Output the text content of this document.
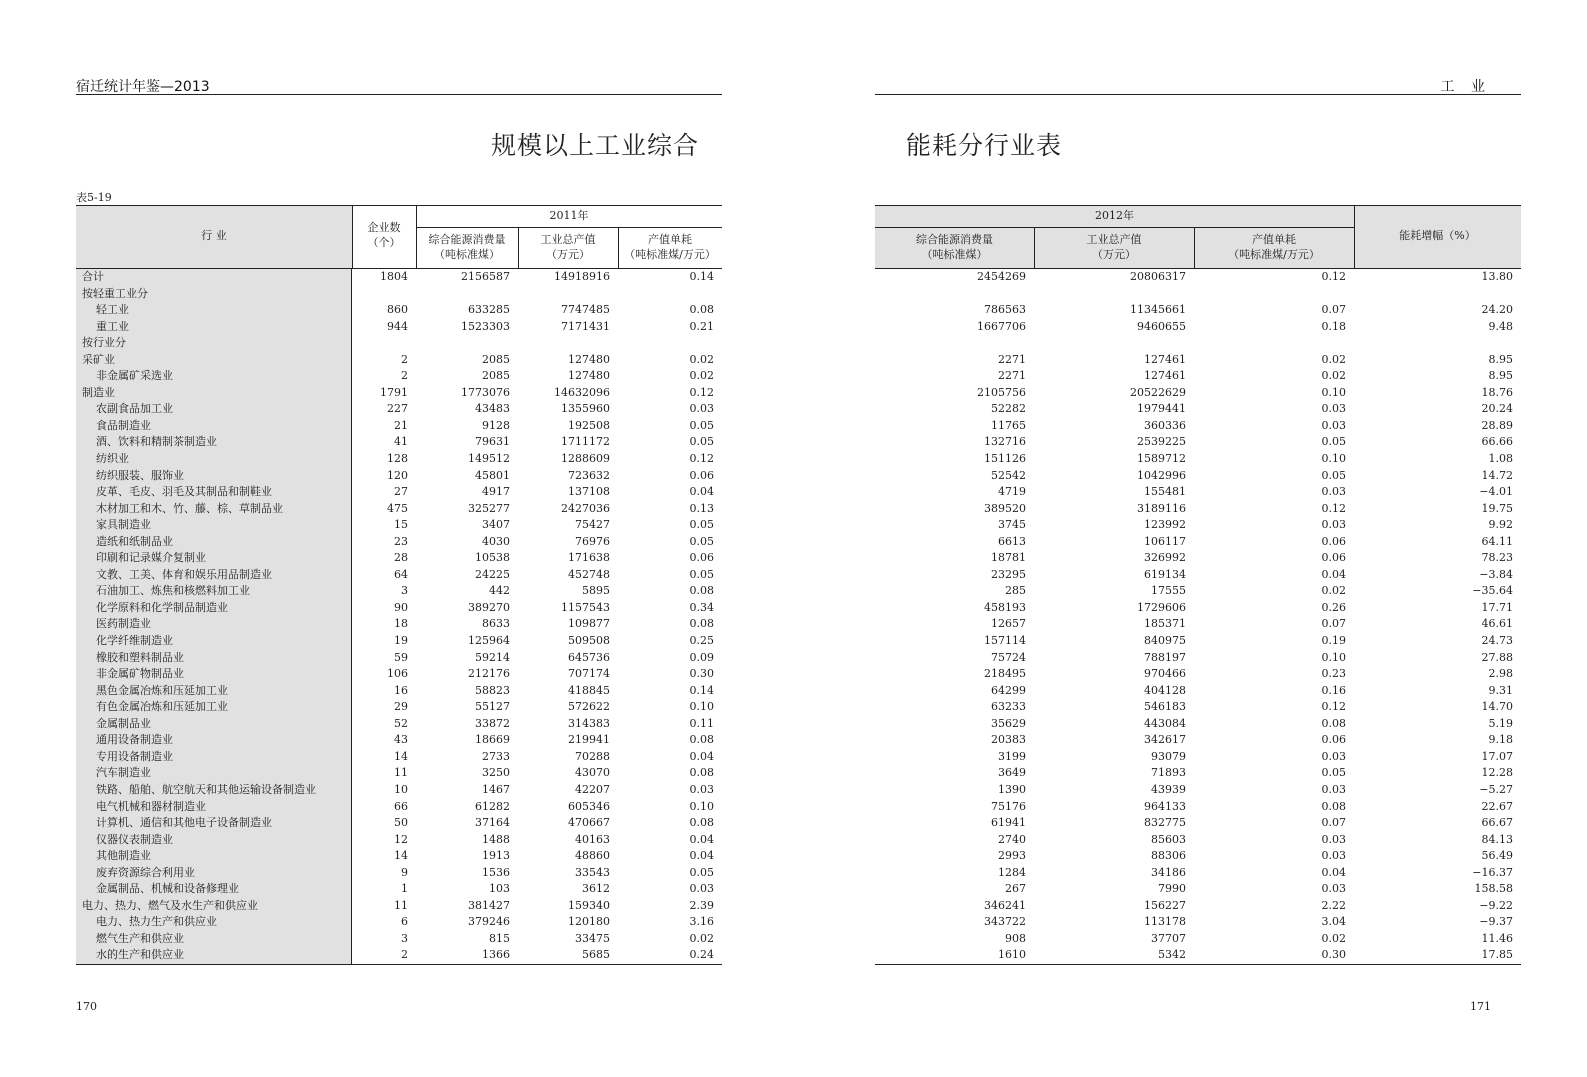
宿迁统计年鉴—2013	工 业
规模以上工业综合	能耗分行业表
表5-19
行 业
企业数
（个）
2011年
综合能源消费量
（吨标准煤）
工业总产值
（万元）
产值单耗
（吨标准煤/万元）
合计	1804	2156587	14918916	0.14
按轻重工业分
轻工业	860	633285	7747485	0.08
重工业	944	1523303	7171431	0.21
按行业分
采矿业	2	2085	127480	0.02
非金属矿采选业	2	2085	127480	0.02
制造业	1791	1773076	14632096	0.12
农副食品加工业	227	43483	1355960	0.03
食品制造业	21	9128	192508	0.05
酒、饮料和精制茶制造业	41	79631	1711172	0.05
纺织业	128	149512	1288609	0.12
纺织服装、服饰业	120	45801	723632	0.06
皮革、毛皮、羽毛及其制品和制鞋业	27	4917	137108	0.04
木材加工和木、竹、藤、棕、草制品业	475	325277	2427036	0.13
家具制造业	15	3407	75427	0.05
造纸和纸制品业	23	4030	76976	0.05
印刷和记录媒介复制业	28	10538	171638	0.06
文教、工美、体育和娱乐用品制造业	64	24225	452748	0.05
石油加工、炼焦和核燃料加工业	3	442	5895	0.08
化学原料和化学制品制造业	90	389270	1157543	0.34
医药制造业	18	8633	109877	0.08
化学纤维制造业	19	125964	509508	0.25
橡胶和塑料制品业	59	59214	645736	0.09
非金属矿物制品业	106	212176	707174	0.30
黑色金属冶炼和压延加工业	16	58823	418845	0.14
有色金属冶炼和压延加工业	29	55127	572622	0.10
金属制品业	52	33872	314383	0.11
通用设备制造业	43	18669	219941	0.08
专用设备制造业	14	2733	70288	0.04
汽车制造业	11	3250	43070	0.08
铁路、船舶、航空航天和其他运输设备制造业	10	1467	42207	0.03
电气机械和器材制造业	66	61282	605346	0.10
计算机、通信和其他电子设备制造业	50	37164	470667	0.08
仪器仪表制造业	12	1488	40163	0.04
其他制造业	14	1913	48860	0.04
废弃资源综合利用业	9	1536	33543	0.05
金属制品、机械和设备修理业	1	103	3612	0.03
电力、热力、燃气及水生产和供应业	11	381427	159340	2.39
电力、热力生产和供应业	6	379246	120180	3.16
燃气生产和供应业	3	815	33475	0.02
水的生产和供应业	2	1366	5685	0.24
2012年
综合能源消费量
（吨标准煤）
工业总产值
（万元）
产值单耗
（吨标准煤/万元）
能耗增幅（%）
2454269	20806317	0.12	13.80
786563	11345661	0.07	24.20
1667706	9460655	0.18	9.48
2271	127461	0.02	8.95
2271	127461	0.02	8.95
2105756	20522629	0.10	18.76
52282	1979441	0.03	20.24
11765	360336	0.03	28.89
132716	2539225	0.05	66.66
151126	1589712	0.10	1.08
52542	1042996	0.05	14.72
4719	155481	0.03	−4.01
389520	3189116	0.12	19.75
3745	123992	0.03	9.92
6613	106117	0.06	64.11
18781	326992	0.06	78.23
23295	619134	0.04	−3.84
285	17555	0.02	−35.64
458193	1729606	0.26	17.71
12657	185371	0.07	46.61
157114	840975	0.19	24.73
75724	788197	0.10	27.88
218495	970466	0.23	2.98
64299	404128	0.16	9.31
63233	546183	0.12	14.70
35629	443084	0.08	5.19
20383	342617	0.06	9.18
3199	93079	0.03	17.07
3649	71893	0.05	12.28
1390	43939	0.03	−5.27
75176	964133	0.08	22.67
61941	832775	0.07	66.67
2740	85603	0.03	84.13
2993	88306	0.03	56.49
1284	34186	0.04	−16.37
267	7990	0.03	158.58
346241	156227	2.22	−9.22
343722	113178	3.04	−9.37
908	37707	0.02	11.46
1610	5342	0.30	17.85
170	171
